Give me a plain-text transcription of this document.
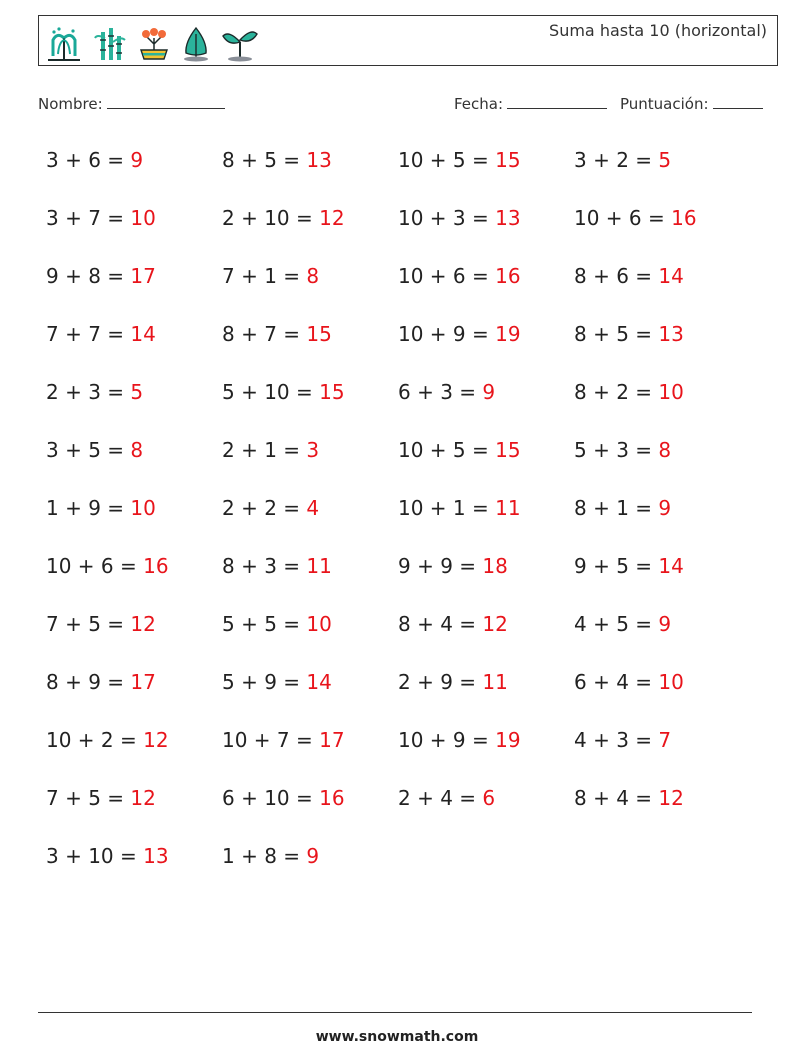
Suma hasta 10 (horizontal)
Nombre:	Fecha:	Puntuación:
3 + 6 = 9	8 + 5 = 13	10 + 5 = 15	3 + 2 = 5
3 + 7 = 10	2 + 10 = 12	10 + 3 = 13	10 + 6 = 16
9 + 8 = 17	7 + 1 = 8	10 + 6 = 16	8 + 6 = 14
7 + 7 = 14	8 + 7 = 15	10 + 9 = 19	8 + 5 = 13
2 + 3 = 5	5 + 10 = 15	6 + 3 = 9	8 + 2 = 10
3 + 5 = 8	2 + 1 = 3	10 + 5 = 15	5 + 3 = 8
1 + 9 = 10	2 + 2 = 4	10 + 1 = 11	8 + 1 = 9
10 + 6 = 16	8 + 3 = 11	9 + 9 = 18	9 + 5 = 14
7 + 5 = 12	5 + 5 = 10	8 + 4 = 12	4 + 5 = 9
8 + 9 = 17	5 + 9 = 14	2 + 9 = 11	6 + 4 = 10
10 + 2 = 12	10 + 7 = 17	10 + 9 = 19	4 + 3 = 7
7 + 5 = 12	6 + 10 = 16	2 + 4 = 6	8 + 4 = 12
3 + 10 = 13	1 + 8 = 9
www.snowmath.com
